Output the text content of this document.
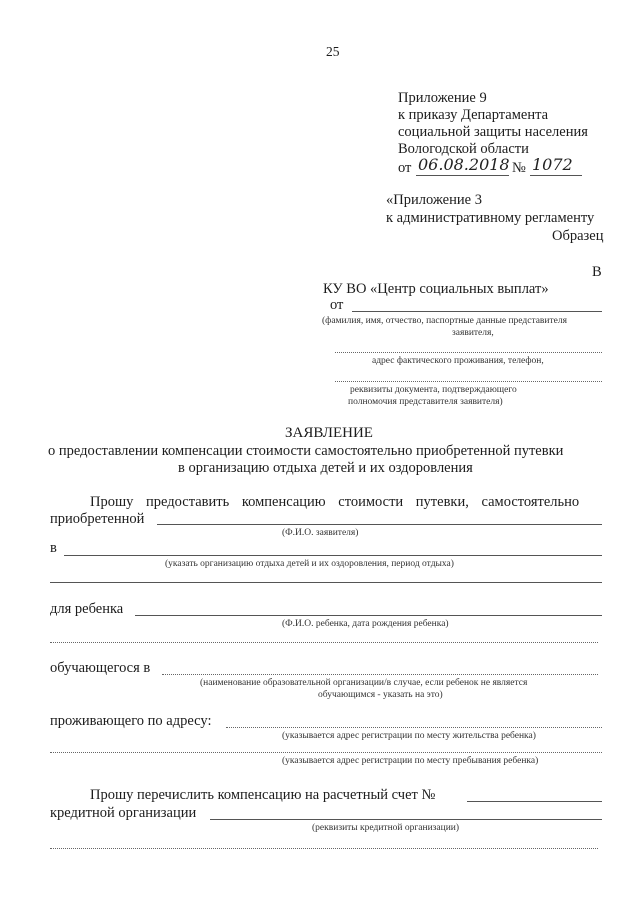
25
Приложение 9
к приказу Департамента
социальной защиты населения
Вологодской области
от 06.08.2018 № 1072
«Приложение 3
к административному регламенту
Образец
В
КУ ВО «Центр социальных выплат»
от
(фамилия, имя, отчество, паспортные данные представителя
заявителя,
адрес фактического проживания, телефон,
реквизиты документа, подтверждающего
полномочия представителя заявителя)
ЗАЯВЛЕНИЕ
о предоставлении компенсации стоимости самостоятельно приобретенной путевки
в организацию отдыха детей и их оздоровления
Прошу предоставить компенсацию стоимости путевки, самостоятельно
приобретенной
(Ф.И.О. заявителя)
в
(указать организацию отдыха детей и их оздоровления, период отдыха)
для ребенка
(Ф.И.О. ребенка, дата рождения ребенка)
обучающегося в
(наименование образовательной организации/в случае, если ребенок не является
обучающимся - указать на это)
проживающего по адресу:
(указывается адрес регистрации по месту жительства ребенка)
(указывается адрес регистрации по месту пребывания ребенка)
Прошу перечислить компенсацию на расчетный счет №
кредитной организации
(реквизиты кредитной организации)
